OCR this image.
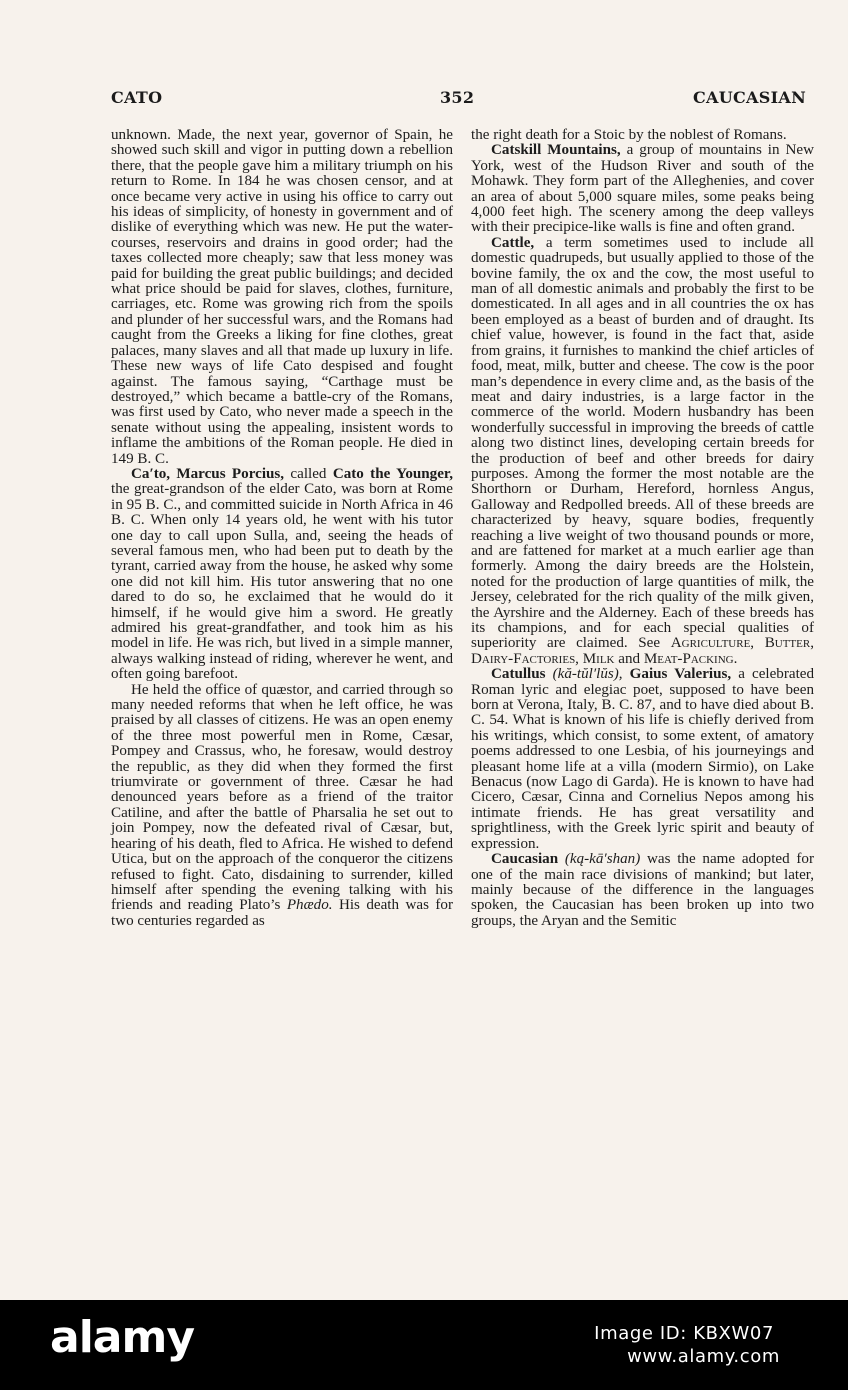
CATO	352	CAUCASIAN

unknown. Made, the next year, governor of Spain, he showed such skill and vigor in putting down a rebellion there, that the people gave him a military triumph on his return to Rome. In 184 he was chosen censor, and at once became very active in using his office to carry out his ideas of simplicity, of honesty in government and of dislike of everything which was new. He put the water-courses, reservoirs and drains in good order; had the taxes collected more cheaply; saw that less money was paid for building the great public buildings; and decided what price should be paid for slaves, clothes, furniture, carriages, etc. Rome was growing rich from the spoils and plunder of her successful wars, and the Romans had caught from the Greeks a liking for fine clothes, great palaces, many slaves and all that made up luxury in life. These new ways of life Cato despised and fought against. The famous saying, “Carthage must be destroyed,” which became a battle-cry of the Romans, was first used by Cato, who never made a speech in the senate without using the appealing, insistent words to inflame the ambitions of the Roman people. He died in 149 B. C.

Ca′to, Marcus Porcius, called Cato the Younger, the great-grandson of the elder Cato, was born at Rome in 95 B. C., and committed suicide in North Africa in 46 B. C. When only 14 years old, he went with his tutor one day to call upon Sulla, and, seeing the heads of several famous men, who had been put to death by the tyrant, carried away from the house, he asked why some one did not kill him. His tutor answering that no one dared to do so, he exclaimed that he would do it himself, if he would give him a sword. He greatly admired his great-grandfather, and took him as his model in life. He was rich, but lived in a simple manner, always walking instead of riding, wherever he went, and often going barefoot.

He held the office of quæstor, and carried through so many needed reforms that when he left office, he was praised by all classes of citizens. He was an open enemy of the three most powerful men in Rome, Cæsar, Pompey and Crassus, who, he foresaw, would destroy the republic, as they did when they formed the first triumvirate or government of three. Cæsar he had denounced years before as a friend of the traitor Catiline, and after the battle of Pharsalia he set out to join Pompey, now the defeated rival of Cæsar, but, hearing of his death, fled to Africa. He wished to defend Utica, but on the approach of the conqueror the citizens refused to fight. Cato, disdaining to surrender, killed himself after spending the evening talking with his friends and reading Plato’s Phædo. His death was for two centuries regarded as

the right death for a Stoic by the noblest of Romans.

Catskill Mountains, a group of mountains in New York, west of the Hudson River and south of the Mohawk. They form part of the Alleghenies, and cover an area of about 5,000 square miles, some peaks being 4,000 feet high. The scenery among the deep valleys with their precipice-like walls is fine and often grand.

Cattle, a term sometimes used to include all domestic quadrupeds, but usually applied to those of the bovine family, the ox and the cow, the most useful to man of all domestic animals and probably the first to be domesticated. In all ages and in all countries the ox has been employed as a beast of burden and of draught. Its chief value, however, is found in the fact that, aside from grains, it furnishes to mankind the chief articles of food, meat, milk, butter and cheese. The cow is the poor man’s dependence in every clime and, as the basis of the meat and dairy industries, is a large factor in the commerce of the world. Modern husbandry has been wonderfully successful in improving the breeds of cattle along two distinct lines, developing certain breeds for the production of beef and other breeds for dairy purposes. Among the former the most notable are the Shorthorn or Durham, Hereford, hornless Angus, Galloway and Redpolled breeds. All of these breeds are characterized by heavy, square bodies, frequently reaching a live weight of two thousand pounds or more, and are fattened for market at a much earlier age than formerly. Among the dairy breeds are the Holstein, noted for the production of large quantities of milk, the Jersey, celebrated for the rich quality of the milk given, the Ayrshire and the Alderney. Each of these breeds has its champions, and for each special qualities of superiority are claimed. See Agriculture, Butter, Dairy-Factories, Milk and Meat-Packing.

Catullus (kă-tŭl′lŭs), Gaius Valerius, a celebrated Roman lyric and elegiac poet, supposed to have been born at Verona, Italy, B. C. 87, and to have died about B. C. 54. What is known of his life is chiefly derived from his writings, which consist, to some extent, of amatory poems addressed to one Lesbia, of his journeyings and pleasant home life at a villa (modern Sirmio), on Lake Benacus (now Lago di Garda). He is known to have had Cicero, Cæsar, Cinna and Cornelius Nepos among his intimate friends. He has great versatility and sprightliness, with the Greek lyric spirit and beauty of expression.

Caucasian (ką-kā′shan) was the name adopted for one of the main race divisions of mankind; but later, mainly because of the difference in the languages spoken, the Caucasian has been broken up into two groups, the Aryan and the Semitic

alamy	Image ID: KBXW07
www.alamy.com
